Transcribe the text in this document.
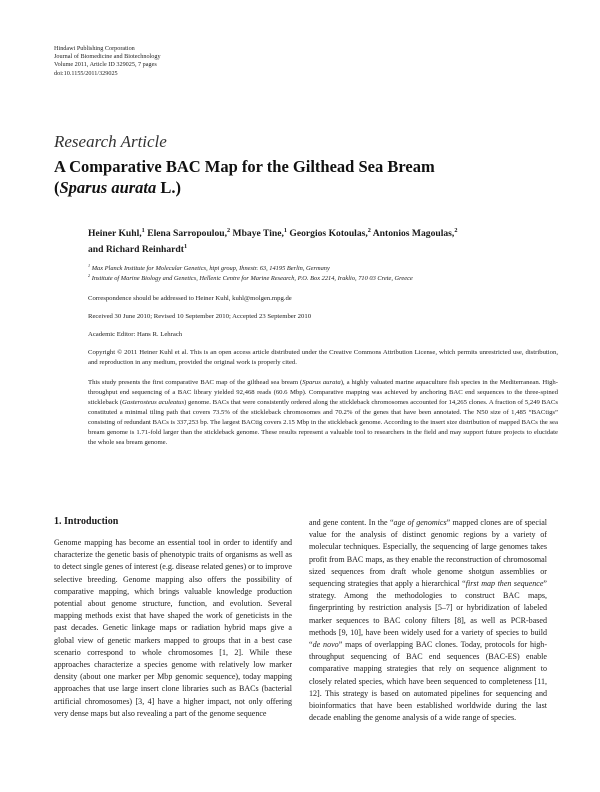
Hindawi Publishing Corporation
Journal of Biomedicine and Biotechnology
Volume 2011, Article ID 329025, 7 pages
doi:10.1155/2011/329025
Research Article
A Comparative BAC Map for the Gilthead Sea Bream
(Sparus aurata L.)
Heiner Kuhl,$^1$ Elena Sarropoulou,$^2$ Mbaye Tine,$^1$ Georgios Kotoulas,$^2$ Antonios Magoulas,$^2$
and Richard Reinhardt$^1$
$^1$ Max Planck Institute for Molecular Genetics, htpi group, Ihnestr. 63, 14195 Berlin, Germany
$^2$ Institute of Marine Biology and Genetics, Hellenic Centre for Marine Research, P.O. Box 2214, Iraklio, 710 03 Crete, Greece
Correspondence should be addressed to Heiner Kuhl, kuhl@molgen.mpg.de
Received 30 June 2010; Revised 10 September 2010; Accepted 23 September 2010
Academic Editor: Hans R. Lehrach
Copyright © 2011 Heiner Kuhl et al. This is an open access article distributed under the Creative Commons Attribution License, which permits unrestricted use, distribution, and reproduction in any medium, provided the original work is properly cited.
This study presents the first comparative BAC map of the gilthead sea bream (Sparus aurata), a highly valuated marine aquaculture fish species in the Mediterranean. High-throughput end sequencing of a BAC library yielded 92,468 reads (60.6 Mbp). Comparative mapping was achieved by anchoring BAC end sequences to the three-spined stickleback (Gasterosteus aculeatus) genome. BACs that were consistently ordered along the stickleback chromosomes accounted for 14,265 clones. A fraction of 5,249 BACs constituted a minimal tiling path that covers 73.5% of the stickleback chromosomes and 70.2% of the genes that have been annotated. The N50 size of 1,485 “BACtigs” consisting of redundant BACs is 337,253 bp. The largest BACtig covers 2.15 Mbp in the stickleback genome. According to the insert size distribution of mapped BACs the sea bream genome is 1.71-fold larger than the stickleback genome. These results represent a valuable tool to researchers in the field and may support future projects to elucidate the whole sea bream genome.
1. Introduction
Genome mapping has become an essential tool in order to identify and characterize the genetic basis of phenotypic traits of organisms as well as to detect single genes of interest (e.g. disease related genes) or to improve selective breeding. Genome mapping also offers the possibility of comparative mapping, which brings valuable knowledge production potential about genome structure, function, and evolution. Several mapping methods exist that have shaped the work of geneticists in the past decades. Genetic linkage maps or radiation hybrid maps give a global view of genetic markers mapped to groups that in a best case scenario correspond to whole chromosomes [1, 2]. While these approaches characterize a species genome with relatively low marker density (about one marker per Mbp genomic sequence), today mapping approaches that use large insert clone libraries such as BACs (bacterial artificial chromosomes) [3, 4] have a higher impact, not only offering very dense maps but also revealing a part of the genome sequence
and gene content. In the “age of genomics” mapped clones are of special value for the analysis of distinct genomic regions by a variety of molecular techniques. Especially, the sequencing of large genomes takes profit from BAC maps, as they enable the reconstruction of chromosomal sized sequences from draft whole genome shotgun assemblies or sequencing strategies that apply a hierarchical “first map then sequence” strategy. Among the methodologies to construct BAC maps, fingerprinting by restriction analysis [5–7] or hybridization of labeled marker sequences to BAC colony filters [8], as well as PCR-based methods [9, 10], have been widely used for a variety of species to build “de novo” maps of overlapping BAC clones. Today, protocols for high-throughput sequencing of BAC end sequences (BAC-ES) enable comparative mapping strategies that rely on sequence alignment to closely related species, which have been sequenced to completeness [11, 12]. This strategy is based on automated pipelines for sequencing and bioinformatics that have been established worldwide during the last decade enabling the genome analysis of a wide range of species.
